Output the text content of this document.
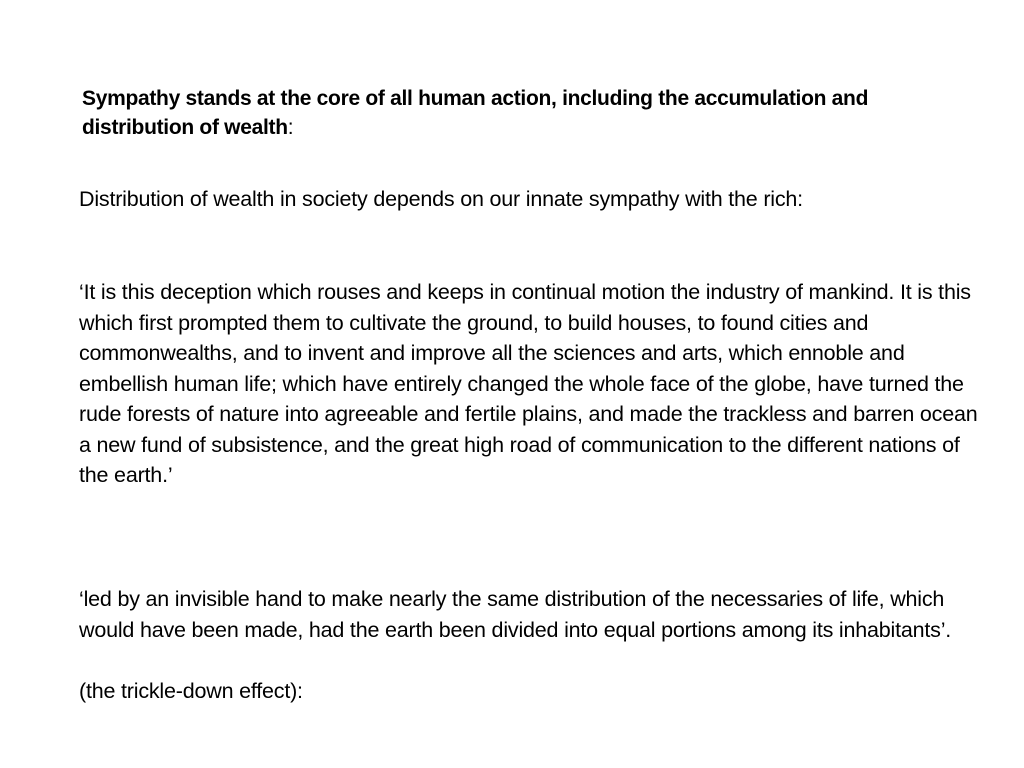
Sympathy stands at the core of all human action, including the accumulation and distribution of wealth:
Distribution of wealth in society depends on our innate sympathy with the rich:
‘It is this deception which rouses and keeps in continual motion the industry of mankind. It is this which first prompted them to cultivate the ground, to build houses, to found cities and commonwealths, and to invent and improve all the sciences and arts, which ennoble and embellish human life; which have entirely changed the whole face of the globe, have turned the rude forests of nature into agreeable and fertile plains, and made the trackless and barren ocean a new fund of subsistence, and the great high road of communication to the different nations of the earth.’
‘led by an invisible hand to make nearly the same distribution of the necessaries of life, which would have been made, had the earth been divided into equal portions among its inhabitants’.
(the trickle-down effect):
